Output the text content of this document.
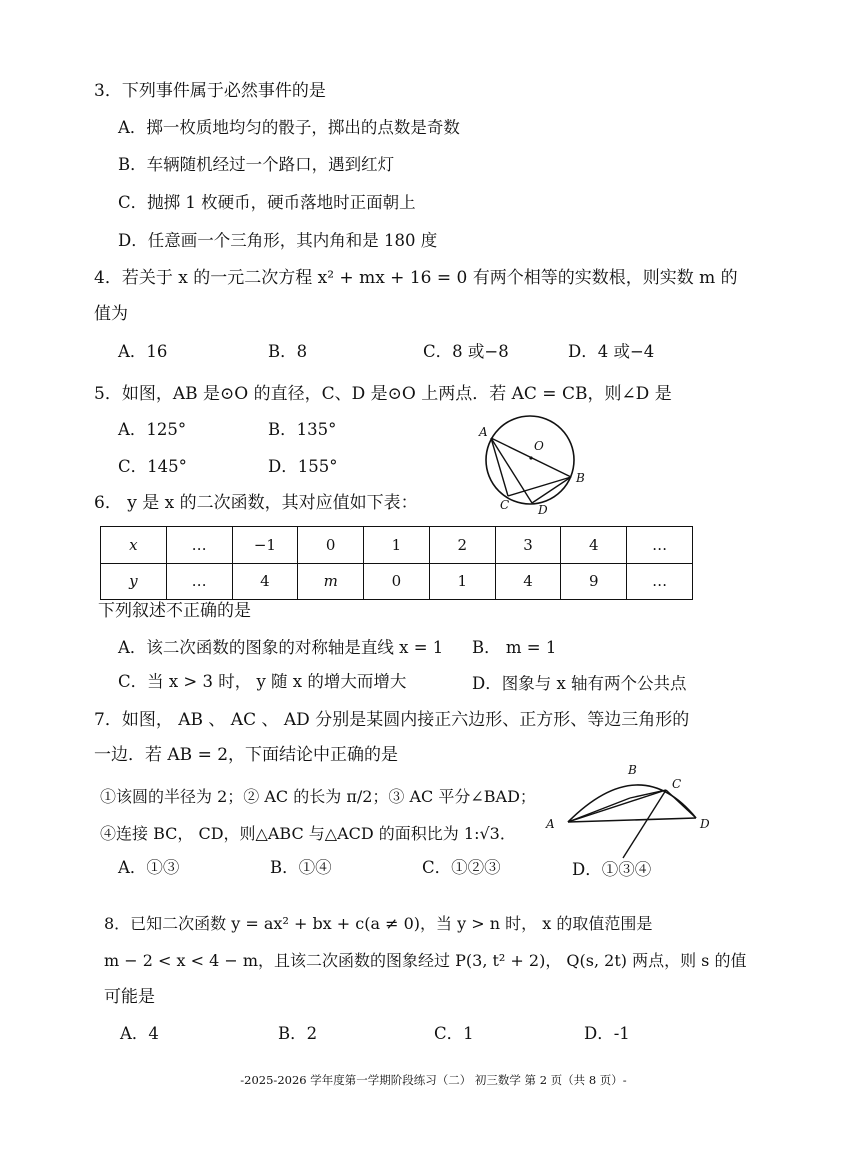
3．下列事件属于必然事件的是
A．掷一枚质地均匀的骰子，掷出的点数是奇数
B．车辆随机经过一个路口，遇到红灯
C．抛掷 1 枚硬币，硬币落地时正面朝上
D．任意画一个三角形，其内角和是 180 度
4．若关于 x 的一元二次方程 x² + mx + 16 = 0 有两个相等的实数根，则实数 m 的
值为
A．16	B．8	C．8 或−8	D．4 或−4
5．如图，AB 是⊙O 的直径，C、D 是⊙O 上两点．若 AC = CB，则∠D 是
A．125°	B．135°
C．145°	D．155°
A
O
B
C D
6． y 是 x 的二次函数，其对应值如下表：
x	…	−1	0	1	2	3	4	…
y	…	4	m	0	1	4	9	…
下列叙述不正确的是
A．该二次函数的图象的对称轴是直线 x = 1 B． m = 1
C．当 x > 3 时， y 随 x 的增大而增大	D．图象与 x 轴有两个公共点
7．如图， AB 、 AC 、 AD 分别是某圆内接正六边形、正方形、等边三角形的
一边．若 AB = 2，下面结论中正确的是
①该圆的半径为 2；② AC 的长为 π/2；③ AC 平分∠BAD；
④连接 BC， CD，则△ABC 与△ACD 的面积比为 1:√3．
A．①③	B．①④	C．①②③	D．①③④
A
B
C
D
8．已知二次函数 y = ax² + bx + c(a ≠ 0)，当 y > n 时， x 的取值范围是
m − 2 < x < 4 − m，且该二次函数的图象经过 P(3, t² + 2)， Q(s, 2t) 两点，则 s 的值
可能是
A．4	B．2	C．1	D．-1
-2025-2026 学年度第一学期阶段练习（二） 初三数学 第 2 页（共 8 页）-
